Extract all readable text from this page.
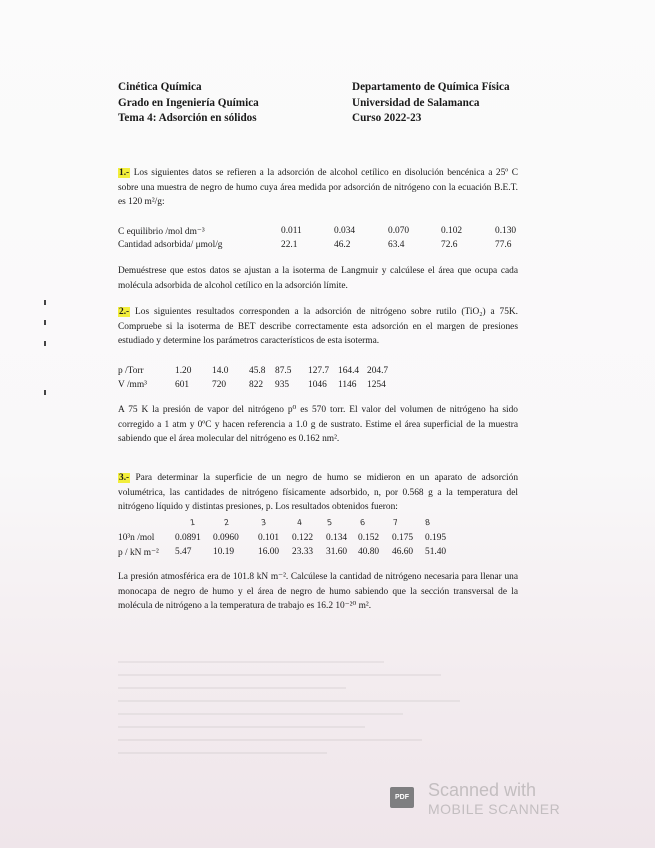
Cinética Química
Grado en Ingeniería Química
Tema 4: Adsorción en sólidos
Departamento de Química Física
Universidad de Salamanca
Curso 2022-23
1.- Los siguientes datos se refieren a la adsorción de alcohol cetílico en disolución bencénica a 25º C sobre una muestra de negro de humo cuya área medida por adsorción de nitrógeno con la ecuación B.E.T. es 120 m²/g:
C equilibrio /mol dm⁻³	0.011	0.034	0.070	0.102	0.130
Cantidad adsorbida/ μmol/g	22.1	46.2	63.4	72.6	77.6
Demuéstrese que estos datos se ajustan a la isoterma de Langmuir y calcúlese el área que ocupa cada molécula adsorbida de alcohol cetílico en la adsorción límite.
2.- Los siguientes resultados corresponden a la adsorción de nitrógeno sobre rutilo (TiO₂) a 75K. Compruebe si la isoterma de BET describe correctamente esta adsorción en el margen de presiones estudiado y determine los parámetros característicos de esta isoterma.
p /Torr	1.20	14.0	45.8	87.5	127.7	164.4	204.7
V /mm³	601	720	822	935	1046	1146	1254
A 75 K la presión de vapor del nitrógeno p⁰ es 570 torr. El valor del volumen de nitrógeno ha sido corregido a 1 atm y 0ºC y hacen referencia a 1.0 g de sustrato. Estime el área superficial de la muestra sabiendo que el área molecular del nitrógeno es 0.162 nm².
3.- Para determinar la superficie de un negro de humo se midieron en un aparato de adsorción volumétrica, las cantidades de nitrógeno físicamente adsorbido, n, por 0.568 g a la temperatura del nitrógeno líquido y distintas presiones, p. Los resultados obtenidos fueron:
1	2	3	4	5	6	7	8
10³n /mol	0.0891	0.0960	0.101	0.122	0.134	0.152	0.175	0.195
p / kN m⁻²	5.47	10.19	16.00	23.33	31.60	40.80	46.60	51.40
La presión atmosférica era de 101.8 kN m⁻². Calcúlese la cantidad de nitrógeno necesaria para llenar una monocapa de negro de humo y el área de negro de humo sabiendo que la sección transversal de la molécula de nitrógeno a la temperatura de trabajo es 16.2 10⁻²⁰ m².
PDF Scanned with
MOBILE SCANNER
